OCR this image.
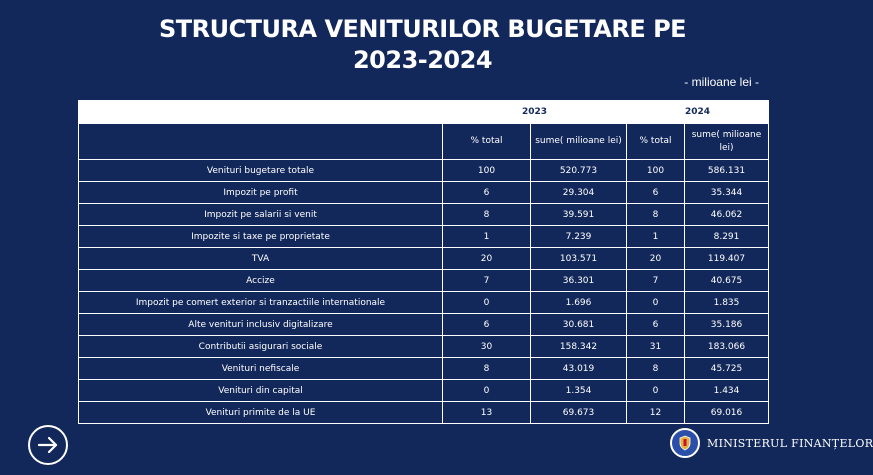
STRUCTURA VENITURILOR BUGETARE PE
2023-2024
- milioane lei -
	2023		2024	
	% total	sume( milioane lei)	% total	sume( milioane lei)
Venituri bugetare totale	100	520.773	100	586.131
Impozit pe profit	6	29.304	6	35.344
Impozit pe salarii si venit	8	39.591	8	46.062
Impozite si taxe pe proprietate	1	7.239	1	8.291
TVA	20	103.571	20	119.407
Accize	7	36.301	7	40.675
Impozit pe comert exterior si tranzactiile internationale	0	1.696	0	1.835
Alte venituri inclusiv digitalizare	6	30.681	6	35.186
Contributii asigurari sociale	30	158.342	31	183.066
Venituri nefiscale	8	43.019	8	45.725
Venituri din capital	0	1.354	0	1.434
Venituri primite de la UE	13	69.673	12	69.016
MINISTERUL FINANȚELOR
